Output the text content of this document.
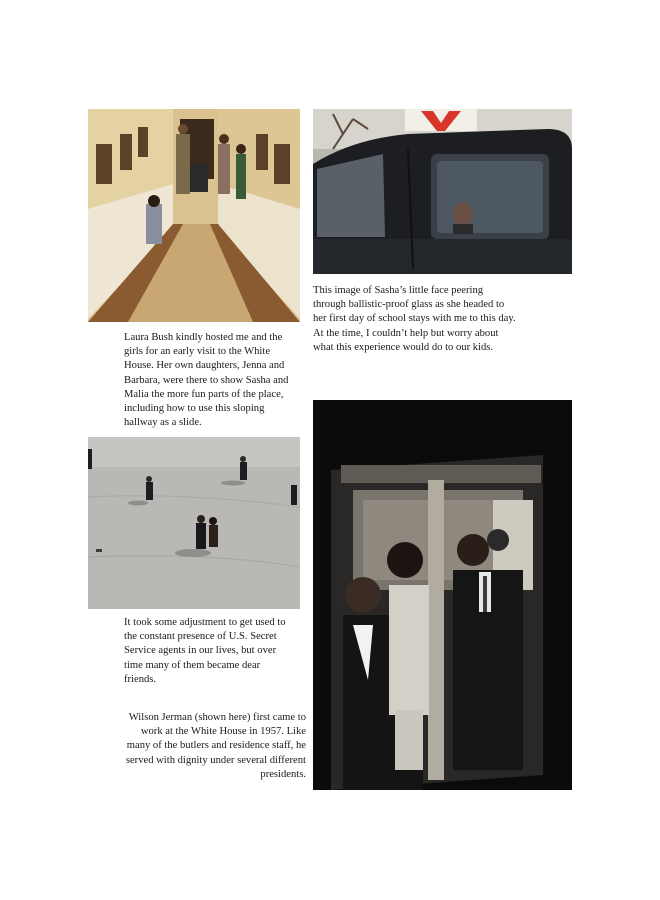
Laura Bush kindly hosted me and the girls for an early visit to the White House. Her own daughters, Jenna and Barbara, were there to show Sasha and Malia the more fun parts of the place, including how to use this sloping hallway as a slide.

This image of Sasha’s little face peering through ballistic-proof glass as she headed to her first day of school stays with me to this day. At the time, I couldn’t help but worry about what this experience would do to our kids.

It took some adjustment to get used to the constant presence of U.S. Secret Service agents in our lives, but over time many of them became dear friends.

Wilson Jerman (shown here) first came to work at the White House in 1957. Like many of the butlers and residence staff, he served with dignity under several different presidents.
